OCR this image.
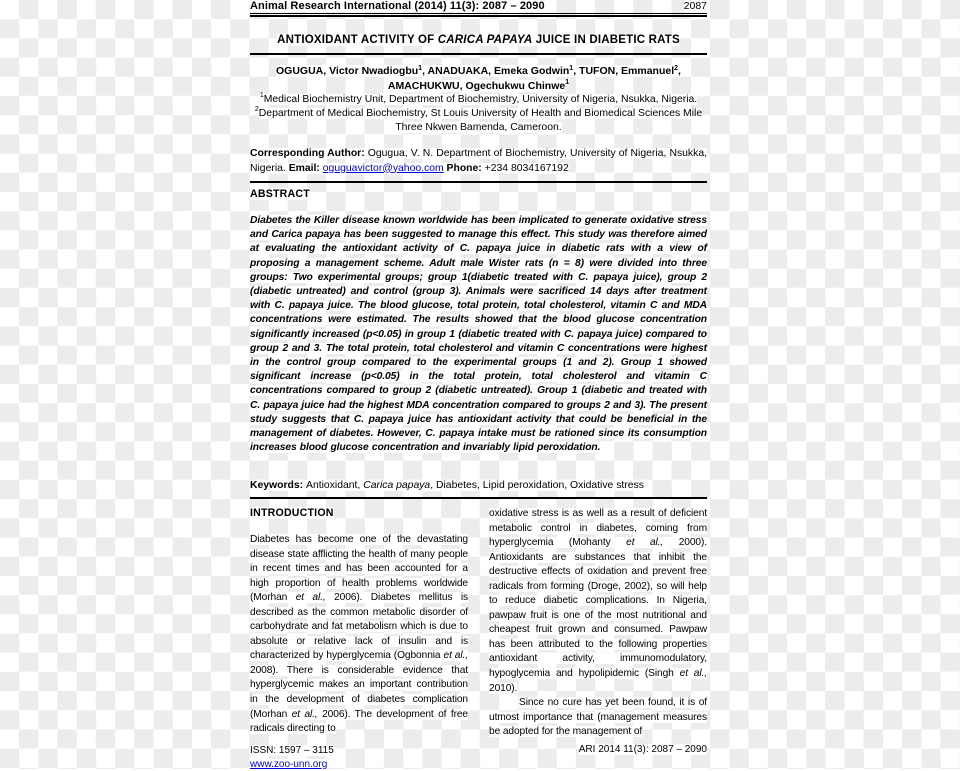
Animal Research International (2014) 11(3): 2087 – 2090	2087
ANTIOXIDANT ACTIVITY OF CARICA PAPAYA JUICE IN DIABETIC RATS
OGUGUA, Victor Nwadiogbu$^1$, ANADUAKA, Emeka Godwin$^1$, TUFON, Emmanuel$^2$,
AMACHUKWU, Ogechukwu Chinwe$^1$
$^1$Medical Biochemistry Unit, Department of Biochemistry, University of Nigeria, Nsukka, Nigeria.
$^2$Department of Medical Biochemistry, St Louis University of Health and Biomedical Sciences Mile Three Nkwen Bamenda, Cameroon.
Corresponding Author: Ogugua, V. N. Department of Biochemistry, University of Nigeria, Nsukka, Nigeria. Email: oguguavictor@yahoo.com Phone: +234 8034167192
ABSTRACT
Diabetes the Killer disease known worldwide has been implicated to generate oxidative stress and Carica papaya has been suggested to manage this effect. This study was therefore aimed at evaluating the antioxidant activity of C. papaya juice in diabetic rats with a view of proposing a management scheme. Adult male Wister rats (n = 8) were divided into three groups: Two experimental groups; group 1(diabetic treated with C. papaya juice), group 2 (diabetic untreated) and control (group 3). Animals were sacrificed 14 days after treatment with C. papaya juice. The blood glucose, total protein, total cholesterol, vitamin C and MDA concentrations were estimated. The results showed that the blood glucose concentration significantly increased (p<0.05) in group 1 (diabetic treated with C. papaya juice) compared to group 2 and 3. The total protein, total cholesterol and vitamin C concentrations were highest in the control group compared to the experimental groups (1 and 2). Group 1 showed significant increase (p<0.05) in the total protein, total cholesterol and vitamin C concentrations compared to group 2 (diabetic untreated). Group 1 (diabetic and treated with C. papaya juice had the highest MDA concentration compared to groups 2 and 3). The present study suggests that C. papaya juice has antioxidant activity that could be beneficial in the management of diabetes. However, C. papaya intake must be rationed since its consumption increases blood glucose concentration and invariably lipid peroxidation.
Keywords: Antioxidant, Carica papaya, Diabetes, Lipid peroxidation, Oxidative stress
INTRODUCTION

Diabetes has become one of the devastating disease state afflicting the health of many people in recent times and has been accounted for a high proportion of health problems worldwide (Morhan et al., 2006). Diabetes mellitus is described as the common metabolic disorder of carbohydrate and fat metabolism which is due to absolute or relative lack of insulin and is characterized by hyperglycemia (Ogbonnia et al., 2008). There is considerable evidence that hyperglycemic makes an important contribution in the development of diabetes complication (Morhan et al., 2006). The development of free radicals directing to

oxidative stress is as well as a result of deficient metabolic control in diabetes, coming from hyperglycemia (Mohanty et al., 2000). Antioxidants are substances that inhibit the destructive effects of oxidation and prevent free radicals from forming (Droge, 2002), so will help to reduce diabetic complications. In Nigeria, pawpaw fruit is one of the most nutritional and cheapest fruit grown and consumed. Pawpaw has been attributed to the following properties antioxidant activity, immunomodulatory, hypoglycemia and hypolipidemic (Singh et al., 2010).

Since no cure has yet been found, it is of utmost importance that (management measures be adopted for the management of

ISSN: 1597 – 3115
www.zoo-unn.org
ARI 2014 11(3): 2087 – 2090
